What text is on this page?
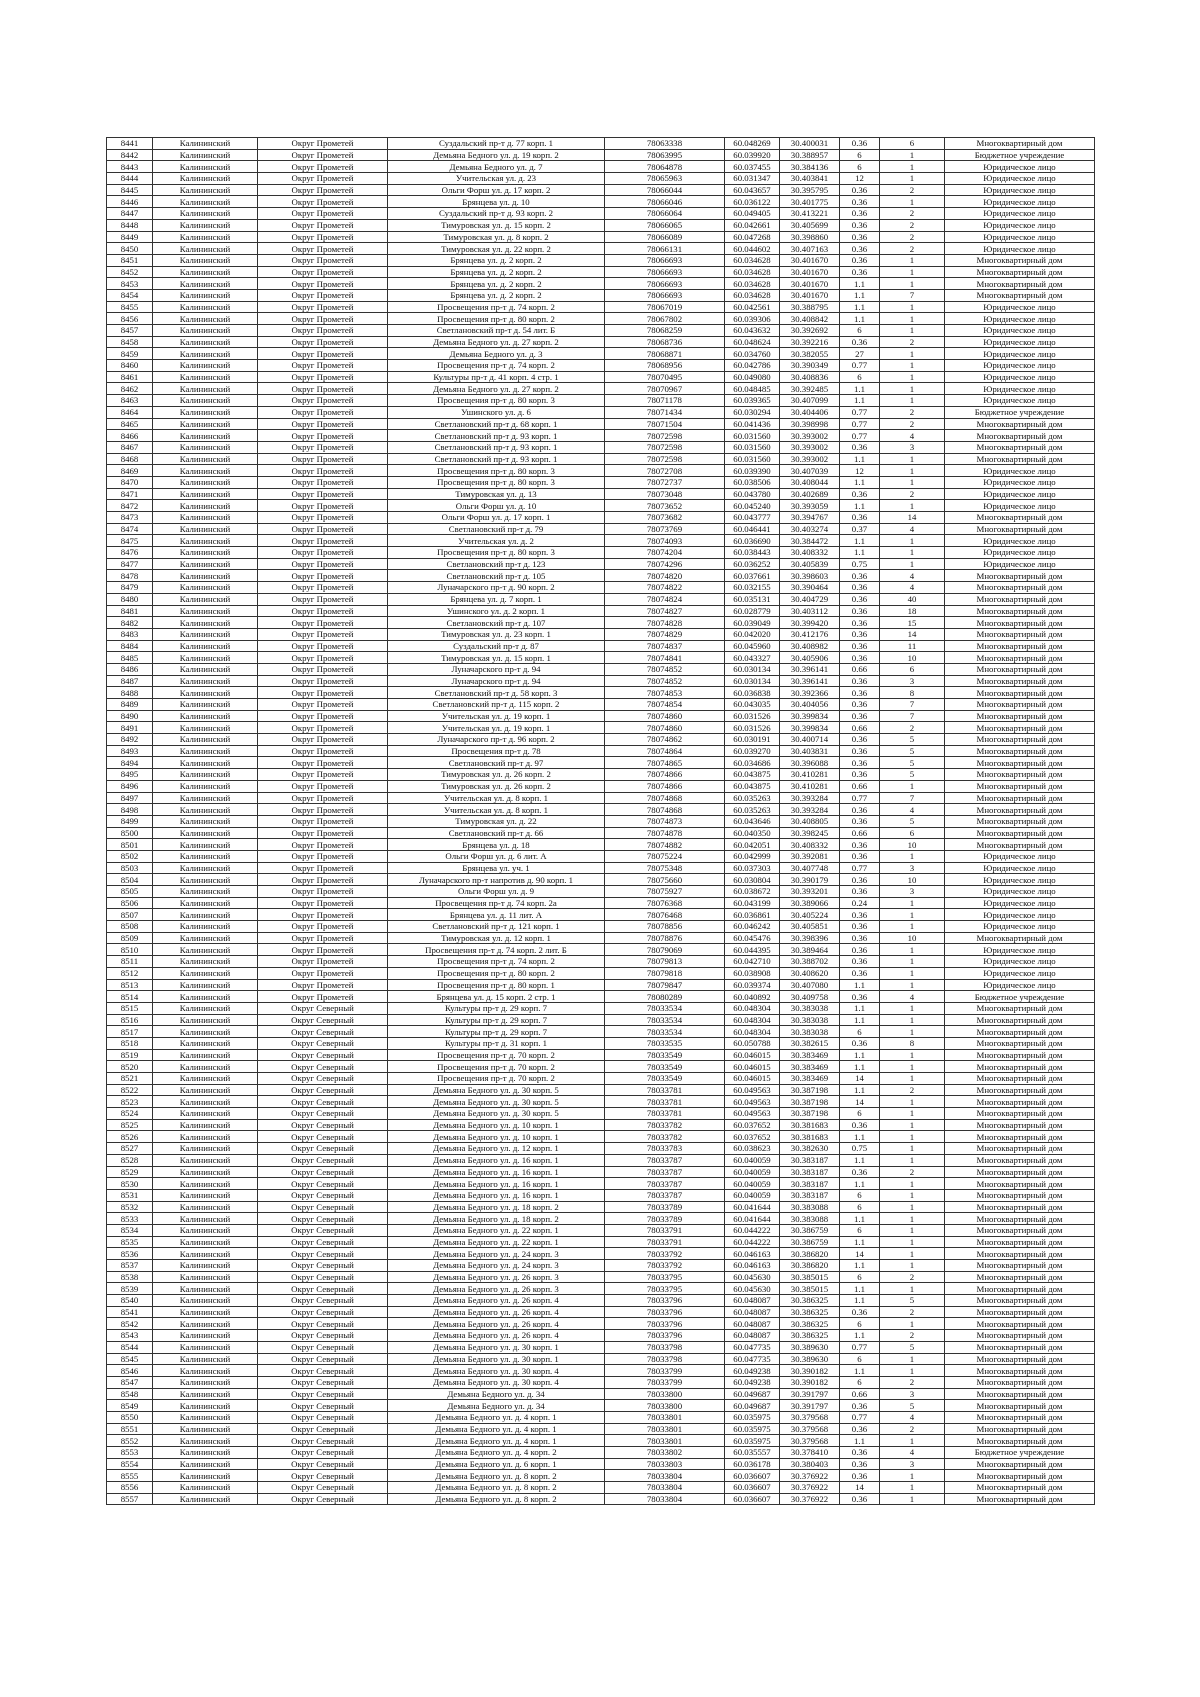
8441	Калининский	Округ Прометей	Суздальский пр-т д. 77 корп. 1	78063338	60.048269	30.400031	0.36	6	Многоквартирный дом
8442	Калининский	Округ Прометей	Демьяна Бедного ул. д. 19 корп. 2	78063995	60.039920	30.388957	6	1	Бюджетное учреждение
8443	Калининский	Округ Прометей	Демьяна Бедного ул. д. 7	78064878	60.037455	30.384136	6	1	Юридическое лицо
8444	Калининский	Округ Прометей	Учительская ул. д. 23	78065963	60.031347	30.403841	12	1	Юридическое лицо
8445	Калининский	Округ Прометей	Ольги Форш ул. д. 17 корп. 2	78066044	60.043657	30.395795	0.36	2	Юридическое лицо
8446	Калининский	Округ Прометей	Брянцева ул. д. 10	78066046	60.036122	30.401775	0.36	1	Юридическое лицо
8447	Калининский	Округ Прометей	Суздальский пр-т д. 93 корп. 2	78066064	60.049405	30.413221	0.36	2	Юридическое лицо
8448	Калининский	Округ Прометей	Тимуровская ул. д. 15 корп. 2	78066065	60.042661	30.405699	0.36	2	Юридическое лицо
8449	Калининский	Округ Прометей	Тимуровская ул. д. 8 корп. 2	78066089	60.047268	30.398860	0.36	2	Юридическое лицо
8450	Калининский	Округ Прометей	Тимуровская ул. д. 22 корп. 2	78066131	60.044602	30.407163	0.36	2	Юридическое лицо
8451	Калининский	Округ Прометей	Брянцева ул. д. 2 корп. 2	78066693	60.034628	30.401670	0.36	1	Многоквартирный дом
8452	Калининский	Округ Прометей	Брянцева ул. д. 2 корп. 2	78066693	60.034628	30.401670	0.36	1	Многоквартирный дом
8453	Калининский	Округ Прометей	Брянцева ул. д. 2 корп. 2	78066693	60.034628	30.401670	1.1	1	Многоквартирный дом
8454	Калининский	Округ Прометей	Брянцева ул. д. 2 корп. 2	78066693	60.034628	30.401670	1.1	7	Многоквартирный дом
8455	Калининский	Округ Прометей	Просвещения пр-т д. 74 корп. 2	78067019	60.042561	30.388795	1.1	1	Юридическое лицо
8456	Калининский	Округ Прометей	Просвещения пр-т д. 80 корп. 2	78067802	60.039306	30.408842	1.1	1	Юридическое лицо
8457	Калининский	Округ Прометей	Светлановский пр-т д. 54 лит. Б	78068259	60.043632	30.392692	6	1	Юридическое лицо
8458	Калининский	Округ Прометей	Демьяна Бедного ул. д. 27 корп. 2	78068736	60.048624	30.392216	0.36	2	Юридическое лицо
8459	Калининский	Округ Прометей	Демьяна Бедного ул. д. 3	78068871	60.034760	30.382055	27	1	Юридическое лицо
8460	Калининский	Округ Прометей	Просвещения пр-т д. 74 корп. 2	78068956	60.042786	30.390349	0.77	1	Юридическое лицо
8461	Калининский	Округ Прометей	Культуры пр-т д. 41 корп. 4 стр. 1	78070495	60.049080	30.408836	6	1	Юридическое лицо
8462	Калининский	Округ Прометей	Демьяна Бедного ул. д. 27 корп. 2	78070967	60.048485	30.392485	1.1	1	Юридическое лицо
8463	Калининский	Округ Прометей	Просвещения пр-т д. 80 корп. 3	78071178	60.039365	30.407099	1.1	1	Юридическое лицо
8464	Калининский	Округ Прометей	Ушинского ул. д. 6	78071434	60.030294	30.404406	0.77	2	Бюджетное учреждение
8465	Калининский	Округ Прометей	Светлановский пр-т д. 68 корп. 1	78071504	60.041436	30.398998	0.77	2	Многоквартирный дом
8466	Калининский	Округ Прометей	Светлановский пр-т д. 93 корп. 1	78072598	60.031560	30.393002	0.77	4	Многоквартирный дом
8467	Калининский	Округ Прометей	Светлановский пр-т д. 93 корп. 1	78072598	60.031560	30.393002	0.36	3	Многоквартирный дом
8468	Калининский	Округ Прометей	Светлановский пр-т д. 93 корп. 1	78072598	60.031560	30.393002	1.1	1	Многоквартирный дом
8469	Калининский	Округ Прометей	Просвещения пр-т д. 80 корп. 3	78072708	60.039390	30.407039	12	1	Юридическое лицо
8470	Калининский	Округ Прометей	Просвещения пр-т д. 80 корп. 3	78072737	60.038506	30.408044	1.1	1	Юридическое лицо
8471	Калининский	Округ Прометей	Тимуровская ул. д. 13	78073048	60.043780	30.402689	0.36	2	Юридическое лицо
8472	Калининский	Округ Прометей	Ольги Форш ул. д. 10	78073652	60.045240	30.393059	1.1	1	Юридическое лицо
8473	Калининский	Округ Прометей	Ольги Форш ул. д. 17 корп. 1	78073682	60.043777	30.394767	0.36	14	Многоквартирный дом
8474	Калининский	Округ Прометей	Светлановский пр-т д. 79	78073769	60.046441	30.403274	0.37	4	Многоквартирный дом
8475	Калининский	Округ Прометей	Учительская ул. д. 2	78074093	60.036690	30.384472	1.1	1	Юридическое лицо
8476	Калининский	Округ Прометей	Просвещения пр-т д. 80 корп. 3	78074204	60.038443	30.408332	1.1	1	Юридическое лицо
8477	Калининский	Округ Прометей	Светлановский пр-т д. 123	78074296	60.036252	30.405839	0.75	1	Юридическое лицо
8478	Калининский	Округ Прометей	Светлановский пр-т д. 105	78074820	60.037661	30.398603	0.36	4	Многоквартирный дом
8479	Калининский	Округ Прометей	Луначарского пр-т д. 90 корп. 2	78074822	60.032155	30.390464	0.36	4	Многоквартирный дом
8480	Калининский	Округ Прометей	Брянцева ул. д. 7 корп. 1	78074824	60.035131	30.404729	0.36	40	Многоквартирный дом
8481	Калининский	Округ Прометей	Ушинского ул. д. 2 корп. 1	78074827	60.028779	30.403112	0.36	18	Многоквартирный дом
8482	Калининский	Округ Прометей	Светлановский пр-т д. 107	78074828	60.039049	30.399420	0.36	15	Многоквартирный дом
8483	Калининский	Округ Прометей	Тимуровская ул. д. 23 корп. 1	78074829	60.042020	30.412176	0.36	14	Многоквартирный дом
8484	Калининский	Округ Прометей	Суздальский пр-т д. 87	78074837	60.045960	30.408982	0.36	11	Многоквартирный дом
8485	Калининский	Округ Прометей	Тимуровская ул. д. 15 корп. 1	78074841	60.043327	30.405906	0.36	10	Многоквартирный дом
8486	Калининский	Округ Прометей	Луначарского пр-т д. 94	78074852	60.030134	30.396141	0.66	6	Многоквартирный дом
8487	Калининский	Округ Прометей	Луначарского пр-т д. 94	78074852	60.030134	30.396141	0.36	3	Многоквартирный дом
8488	Калининский	Округ Прометей	Светлановский пр-т д. 58 корп. 3	78074853	60.036838	30.392366	0.36	8	Многоквартирный дом
8489	Калининский	Округ Прометей	Светлановский пр-т д. 115 корп. 2	78074854	60.043035	30.404056	0.36	7	Многоквартирный дом
8490	Калининский	Округ Прометей	Учительская ул. д. 19 корп. 1	78074860	60.031526	30.399834	0.36	7	Многоквартирный дом
8491	Калининский	Округ Прометей	Учительская ул. д. 19 корп. 1	78074860	60.031526	30.399834	0.66	2	Многоквартирный дом
8492	Калининский	Округ Прометей	Луначарского пр-т д. 96 корп. 2	78074862	60.030191	30.400714	0.36	5	Многоквартирный дом
8493	Калининский	Округ Прометей	Просвещения пр-т д. 78	78074864	60.039270	30.403831	0.36	5	Многоквартирный дом
8494	Калининский	Округ Прометей	Светлановский пр-т д. 97	78074865	60.034686	30.396088	0.36	5	Многоквартирный дом
8495	Калининский	Округ Прометей	Тимуровская ул. д. 26 корп. 2	78074866	60.043875	30.410281	0.36	5	Многоквартирный дом
8496	Калининский	Округ Прометей	Тимуровская ул. д. 26 корп. 2	78074866	60.043875	30.410281	0.66	1	Многоквартирный дом
8497	Калининский	Округ Прометей	Учительская ул. д. 8 корп. 1	78074868	60.035263	30.393284	0.77	7	Многоквартирный дом
8498	Калининский	Округ Прометей	Учительская ул. д. 8 корп. 1	78074868	60.035263	30.393284	0.36	4	Многоквартирный дом
8499	Калининский	Округ Прометей	Тимуровская ул. д. 22	78074873	60.043646	30.408805	0.36	5	Многоквартирный дом
8500	Калининский	Округ Прометей	Светлановский пр-т д. 66	78074878	60.040350	30.398245	0.66	6	Многоквартирный дом
8501	Калининский	Округ Прометей	Брянцева ул. д. 18	78074882	60.042051	30.408332	0.36	10	Многоквартирный дом
8502	Калининский	Округ Прометей	Ольги Форш ул. д. 6 лит. А	78075224	60.042999	30.392081	0.36	1	Юридическое лицо
8503	Калининский	Округ Прометей	Брянцева ул. уч. 1	78075348	60.037303	30.407748	0.77	3	Юридическое лицо
8504	Калининский	Округ Прометей	Луначарского пр-т напротив д. 90 корп. 1	78075660	60.030804	30.390179	0.36	10	Юридическое лицо
8505	Калининский	Округ Прометей	Ольги Форш ул. д. 9	78075927	60.038672	30.393201	0.36	3	Юридическое лицо
8506	Калининский	Округ Прометей	Просвещения пр-т д. 74 корп. 2а	78076368	60.043199	30.389066	0.24	1	Юридическое лицо
8507	Калининский	Округ Прометей	Брянцева ул. д. 11 лит. А	78076468	60.036861	30.405224	0.36	1	Юридическое лицо
8508	Калининский	Округ Прометей	Светлановский пр-т д. 121 корп. 1	78078856	60.046242	30.405851	0.36	1	Юридическое лицо
8509	Калининский	Округ Прометей	Тимуровская ул. д. 12 корп. 1	78078876	60.045476	30.398396	0.36	10	Многоквартирный дом
8510	Калининский	Округ Прометей	Просвещения пр-т д. 74 корп. 2 лит. Б	78079069	60.044395	30.389464	0.36	1	Юридическое лицо
8511	Калининский	Округ Прометей	Просвещения пр-т д. 74 корп. 2	78079813	60.042710	30.388702	0.36	1	Юридическое лицо
8512	Калининский	Округ Прометей	Просвещения пр-т д. 80 корп. 2	78079818	60.038908	30.408620	0.36	1	Юридическое лицо
8513	Калининский	Округ Прометей	Просвещения пр-т д. 80 корп. 1	78079847	60.039374	30.407080	1.1	1	Юридическое лицо
8514	Калининский	Округ Прометей	Брянцева ул. д. 15 корп. 2 стр. 1	78080289	60.040892	30.409758	0.36	4	Бюджетное учреждение
8515	Калининский	Округ Северный	Культуры пр-т д. 29 корп. 7	78033534	60.048304	30.383038	1.1	1	Многоквартирный дом
8516	Калининский	Округ Северный	Культуры пр-т д. 29 корп. 7	78033534	60.048304	30.383038	1.1	1	Многоквартирный дом
8517	Калининский	Округ Северный	Культуры пр-т д. 29 корп. 7	78033534	60.048304	30.383038	6	1	Многоквартирный дом
8518	Калининский	Округ Северный	Культуры пр-т д. 31 корп. 1	78033535	60.050788	30.382615	0.36	8	Многоквартирный дом
8519	Калининский	Округ Северный	Просвещения пр-т д. 70 корп. 2	78033549	60.046015	30.383469	1.1	1	Многоквартирный дом
8520	Калининский	Округ Северный	Просвещения пр-т д. 70 корп. 2	78033549	60.046015	30.383469	1.1	1	Многоквартирный дом
8521	Калининский	Округ Северный	Просвещения пр-т д. 70 корп. 2	78033549	60.046015	30.383469	14	1	Многоквартирный дом
8522	Калининский	Округ Северный	Демьяна Бедного ул. д. 30 корп. 5	78033781	60.049563	30.387198	1.1	2	Многоквартирный дом
8523	Калининский	Округ Северный	Демьяна Бедного ул. д. 30 корп. 5	78033781	60.049563	30.387198	14	1	Многоквартирный дом
8524	Калининский	Округ Северный	Демьяна Бедного ул. д. 30 корп. 5	78033781	60.049563	30.387198	6	1	Многоквартирный дом
8525	Калининский	Округ Северный	Демьяна Бедного ул. д. 10 корп. 1	78033782	60.037652	30.381683	0.36	1	Многоквартирный дом
8526	Калининский	Округ Северный	Демьяна Бедного ул. д. 10 корп. 1	78033782	60.037652	30.381683	1.1	1	Многоквартирный дом
8527	Калининский	Округ Северный	Демьяна Бедного ул. д. 12 корп. 1	78033783	60.038623	30.382630	0.75	1	Многоквартирный дом
8528	Калининский	Округ Северный	Демьяна Бедного ул. д. 16 корп. 1	78033787	60.040059	30.383187	1.1	1	Многоквартирный дом
8529	Калининский	Округ Северный	Демьяна Бедного ул. д. 16 корп. 1	78033787	60.040059	30.383187	0.36	2	Многоквартирный дом
8530	Калининский	Округ Северный	Демьяна Бедного ул. д. 16 корп. 1	78033787	60.040059	30.383187	1.1	1	Многоквартирный дом
8531	Калининский	Округ Северный	Демьяна Бедного ул. д. 16 корп. 1	78033787	60.040059	30.383187	6	1	Многоквартирный дом
8532	Калининский	Округ Северный	Демьяна Бедного ул. д. 18 корп. 2	78033789	60.041644	30.383088	6	1	Многоквартирный дом
8533	Калининский	Округ Северный	Демьяна Бедного ул. д. 18 корп. 2	78033789	60.041644	30.383088	1.1	1	Многоквартирный дом
8534	Калининский	Округ Северный	Демьяна Бедного ул. д. 22 корп. 1	78033791	60.044222	30.386759	6	1	Многоквартирный дом
8535	Калининский	Округ Северный	Демьяна Бедного ул. д. 22 корп. 1	78033791	60.044222	30.386759	1.1	1	Многоквартирный дом
8536	Калининский	Округ Северный	Демьяна Бедного ул. д. 24 корп. 3	78033792	60.046163	30.386820	14	1	Многоквартирный дом
8537	Калининский	Округ Северный	Демьяна Бедного ул. д. 24 корп. 3	78033792	60.046163	30.386820	1.1	1	Многоквартирный дом
8538	Калининский	Округ Северный	Демьяна Бедного ул. д. 26 корп. 3	78033795	60.045630	30.385015	6	2	Многоквартирный дом
8539	Калининский	Округ Северный	Демьяна Бедного ул. д. 26 корп. 3	78033795	60.045630	30.385015	1.1	1	Многоквартирный дом
8540	Калининский	Округ Северный	Демьяна Бедного ул. д. 26 корп. 4	78033796	60.048087	30.386325	1.1	5	Многоквартирный дом
8541	Калининский	Округ Северный	Демьяна Бедного ул. д. 26 корп. 4	78033796	60.048087	30.386325	0.36	2	Многоквартирный дом
8542	Калининский	Округ Северный	Демьяна Бедного ул. д. 26 корп. 4	78033796	60.048087	30.386325	6	1	Многоквартирный дом
8543	Калининский	Округ Северный	Демьяна Бедного ул. д. 26 корп. 4	78033796	60.048087	30.386325	1.1	2	Многоквартирный дом
8544	Калининский	Округ Северный	Демьяна Бедного ул. д. 30 корп. 1	78033798	60.047735	30.389630	0.77	5	Многоквартирный дом
8545	Калининский	Округ Северный	Демьяна Бедного ул. д. 30 корп. 1	78033798	60.047735	30.389630	6	1	Многоквартирный дом
8546	Калининский	Округ Северный	Демьяна Бедного ул. д. 30 корп. 4	78033799	60.049238	30.390182	1.1	1	Многоквартирный дом
8547	Калининский	Округ Северный	Демьяна Бедного ул. д. 30 корп. 4	78033799	60.049238	30.390182	6	2	Многоквартирный дом
8548	Калининский	Округ Северный	Демьяна Бедного ул. д. 34	78033800	60.049687	30.391797	0.66	3	Многоквартирный дом
8549	Калининский	Округ Северный	Демьяна Бедного ул. д. 34	78033800	60.049687	30.391797	0.36	5	Многоквартирный дом
8550	Калининский	Округ Северный	Демьяна Бедного ул. д. 4 корп. 1	78033801	60.035975	30.379568	0.77	4	Многоквартирный дом
8551	Калининский	Округ Северный	Демьяна Бедного ул. д. 4 корп. 1	78033801	60.035975	30.379568	0.36	2	Многоквартирный дом
8552	Калининский	Округ Северный	Демьяна Бедного ул. д. 4 корп. 1	78033801	60.035975	30.379568	1.1	1	Многоквартирный дом
8553	Калининский	Округ Северный	Демьяна Бедного ул. д. 4 корп. 2	78033802	60.035557	30.378410	0.36	4	Бюджетное учреждение
8554	Калининский	Округ Северный	Демьяна Бедного ул. д. 6 корп. 1	78033803	60.036178	30.380403	0.36	3	Многоквартирный дом
8555	Калининский	Округ Северный	Демьяна Бедного ул. д. 8 корп. 2	78033804	60.036607	30.376922	0.36	1	Многоквартирный дом
8556	Калининский	Округ Северный	Демьяна Бедного ул. д. 8 корп. 2	78033804	60.036607	30.376922	14	1	Многоквартирный дом
8557	Калининский	Округ Северный	Демьяна Бедного ул. д. 8 корп. 2	78033804	60.036607	30.376922	0.36	1	Многоквартирный дом
